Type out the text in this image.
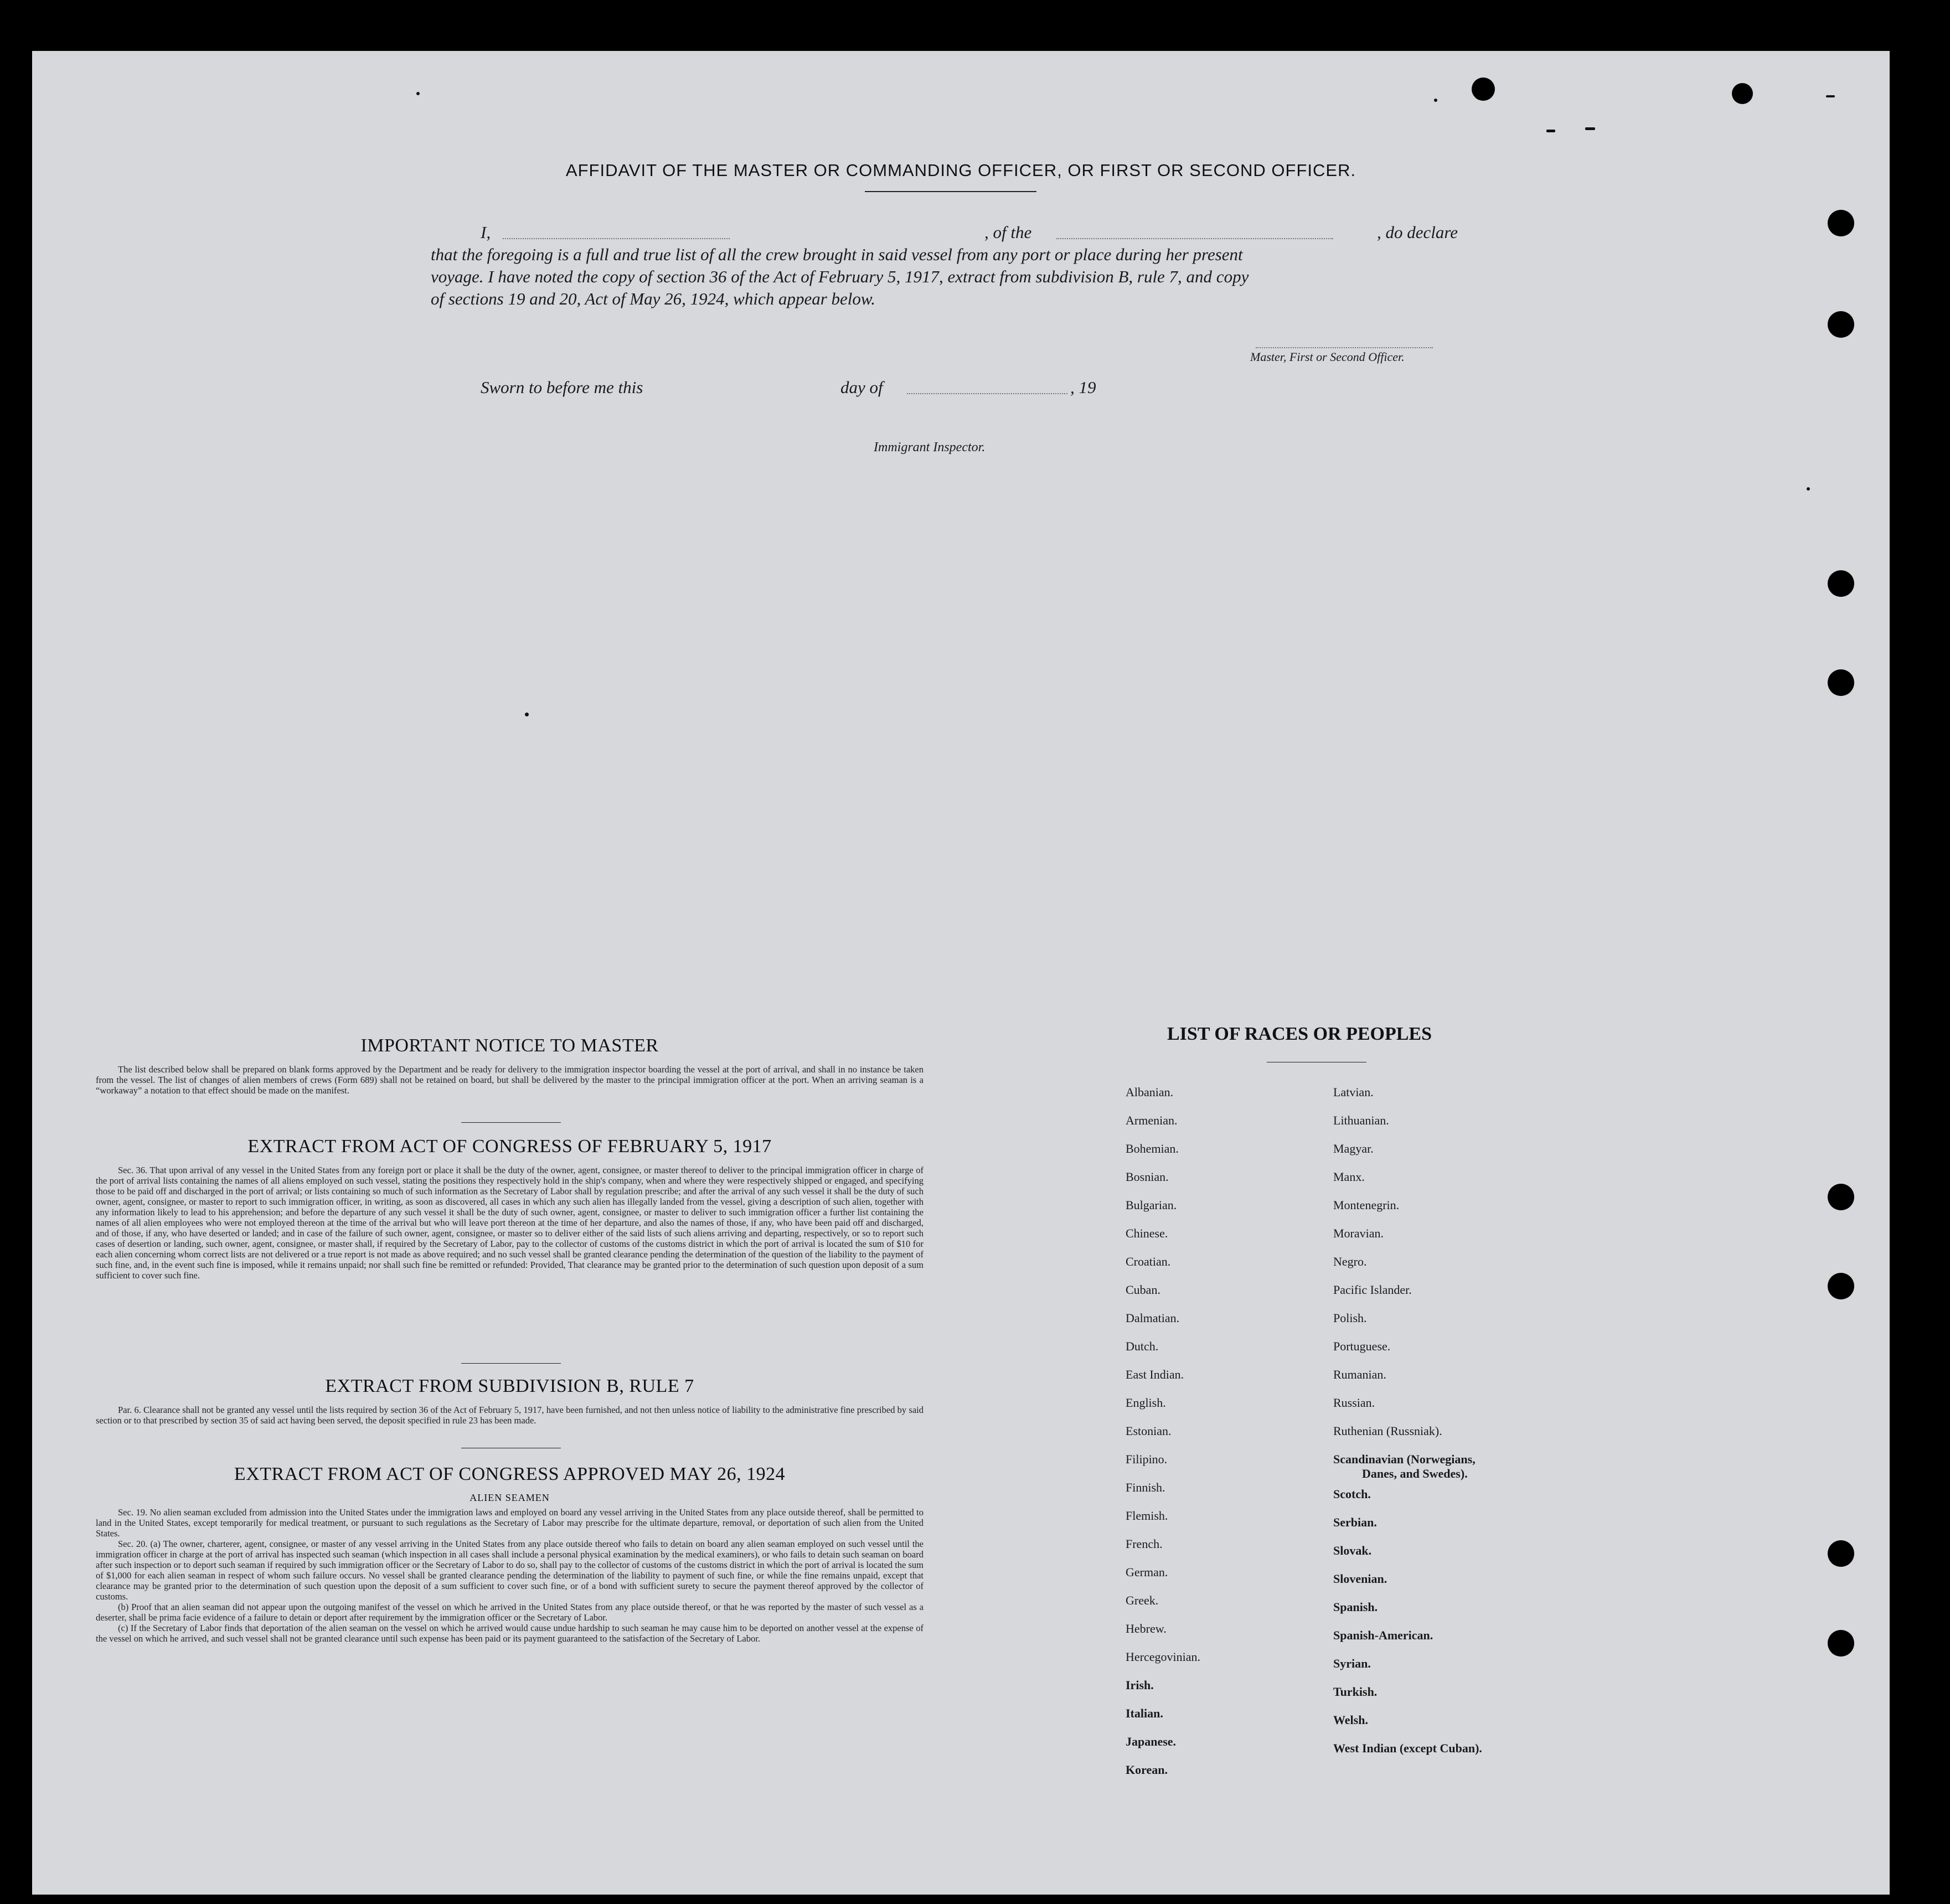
AFFIDAVIT OF THE MASTER OR COMMANDING OFFICER, OR FIRST OR SECOND OFFICER.
I,	, of the	, do declare
that the foregoing is a full and true list of all the crew brought in said vessel from any port or place during her present
voyage. I have noted the copy of section 36 of the Act of February 5, 1917, extract from subdivision B, rule 7, and copy
of sections 19 and 20, Act of May 26, 1924, which appear below.
Master, First or Second Officer.
Sworn to before me this	day of	, 19
Immigrant Inspector.
IMPORTANT NOTICE TO MASTER

The list described below shall be prepared on blank forms approved by the Department and be ready for delivery to the immigration inspector boarding the vessel at the port of arrival, and shall in no instance be taken from the vessel. The list of changes of alien members of crews (Form 689) shall not be retained on board, but shall be delivered by the master to the principal immigration officer at the port. When an arriving seaman is a “workaway” a notation to that effect should be made on the manifest.

EXTRACT FROM ACT OF CONGRESS OF FEBRUARY 5, 1917

Sec. 36. That upon arrival of any vessel in the United States from any foreign port or place it shall be the duty of the owner, agent, consignee, or master thereof to deliver to the principal immigration officer in charge of the port of arrival lists containing the names of all aliens employed on such vessel, stating the positions they respectively hold in the ship's company, when and where they were respectively shipped or engaged, and specifying those to be paid off and discharged in the port of arrival; or lists containing so much of such information as the Secretary of Labor shall by regulation prescribe; and after the arrival of any such vessel it shall be the duty of such owner, agent, consignee, or master to report to such immigration officer, in writing, as soon as discovered, all cases in which any such alien has illegally landed from the vessel, giving a description of such alien, together with any information likely to lead to his apprehension; and before the departure of any such vessel it shall be the duty of such owner, agent, consignee, or master to deliver to such immigration officer a further list containing the names of all alien employees who were not employed thereon at the time of the arrival but who will leave port thereon at the time of her departure, and also the names of those, if any, who have been paid off and discharged, and of those, if any, who have deserted or landed; and in case of the failure of such owner, agent, consignee, or master so to deliver either of the said lists of such aliens arriving and departing, respectively, or so to report such cases of desertion or landing, such owner, agent, consignee, or master shall, if required by the Secretary of Labor, pay to the collector of customs of the customs district in which the port of arrival is located the sum of $10 for each alien concerning whom correct lists are not delivered or a true report is not made as above required; and no such vessel shall be granted clearance pending the determination of the question of the liability to the payment of such fine, and, in the event such fine is imposed, while it remains unpaid; nor shall such fine be remitted or refunded: Provided, That clearance may be granted prior to the determination of such question upon deposit of a sum sufficient to cover such fine.

EXTRACT FROM SUBDIVISION B, RULE 7

Par. 6. Clearance shall not be granted any vessel until the lists required by section 36 of the Act of February 5, 1917, have been furnished, and not then unless notice of liability to the administrative fine prescribed by said section or to that prescribed by section 35 of said act having been served, the deposit specified in rule 23 has been made.

EXTRACT FROM ACT OF CONGRESS APPROVED MAY 26, 1924
ALIEN SEAMEN

Sec. 19. No alien seaman excluded from admission into the United States under the immigration laws and employed on board any vessel arriving in the United States from any place outside thereof, shall be permitted to land in the United States, except temporarily for medical treatment, or pursuant to such regulations as the Secretary of Labor may prescribe for the ultimate departure, removal, or deportation of such alien from the United States.

Sec. 20. (a) The owner, charterer, agent, consignee, or master of any vessel arriving in the United States from any place outside thereof who fails to detain on board any alien seaman employed on such vessel until the immigration officer in charge at the port of arrival has inspected such seaman (which inspection in all cases shall include a personal physical examination by the medical examiners), or who fails to detain such seaman on board after such inspection or to deport such seaman if required by such immigration officer or the Secretary of Labor to do so, shall pay to the collector of customs of the customs district in which the port of arrival is located the sum of $1,000 for each alien seaman in respect of whom such failure occurs. No vessel shall be granted clearance pending the determination of the liability to payment of such fine, or while the fine remains unpaid, except that clearance may be granted prior to the determination of such question upon the deposit of a sum sufficient to cover such fine, or of a bond with sufficient surety to secure the payment thereof approved by the collector of customs.

(b) Proof that an alien seaman did not appear upon the outgoing manifest of the vessel on which he arrived in the United States from any place outside thereof, or that he was reported by the master of such vessel as a deserter, shall be prima facie evidence of a failure to detain or deport after requirement by the immigration officer or the Secretary of Labor.

(c) If the Secretary of Labor finds that deportation of the alien seaman on the vessel on which he arrived would cause undue hardship to such seaman he may cause him to be deported on another vessel at the expense of the vessel on which he arrived, and such vessel shall not be granted clearance until such expense has been paid or its payment guaranteed to the satisfaction of the Secretary of Labor.

LIST OF RACES OR PEOPLES
Albanian.
Armenian.
Bohemian.
Bosnian.
Bulgarian.
Chinese.
Croatian.
Cuban.
Dalmatian.
Dutch.
East Indian.
English.
Estonian.
Filipino.
Finnish.
Flemish.
French.
German.
Greek.
Hebrew.
Hercegovinian.
Irish.
Italian.
Japanese.
Korean.
Latvian.
Lithuanian.
Magyar.
Manx.
Montenegrin.
Moravian.
Negro.
Pacific Islander.
Polish.
Portuguese.
Rumanian.
Russian.
Ruthenian (Russniak).
Scandinavian (Norwegians,
Danes, and Swedes).
Scotch.
Serbian.
Slovak.
Slovenian.
Spanish.
Spanish-American.
Syrian.
Turkish.
Welsh.
West Indian (except Cuban).
